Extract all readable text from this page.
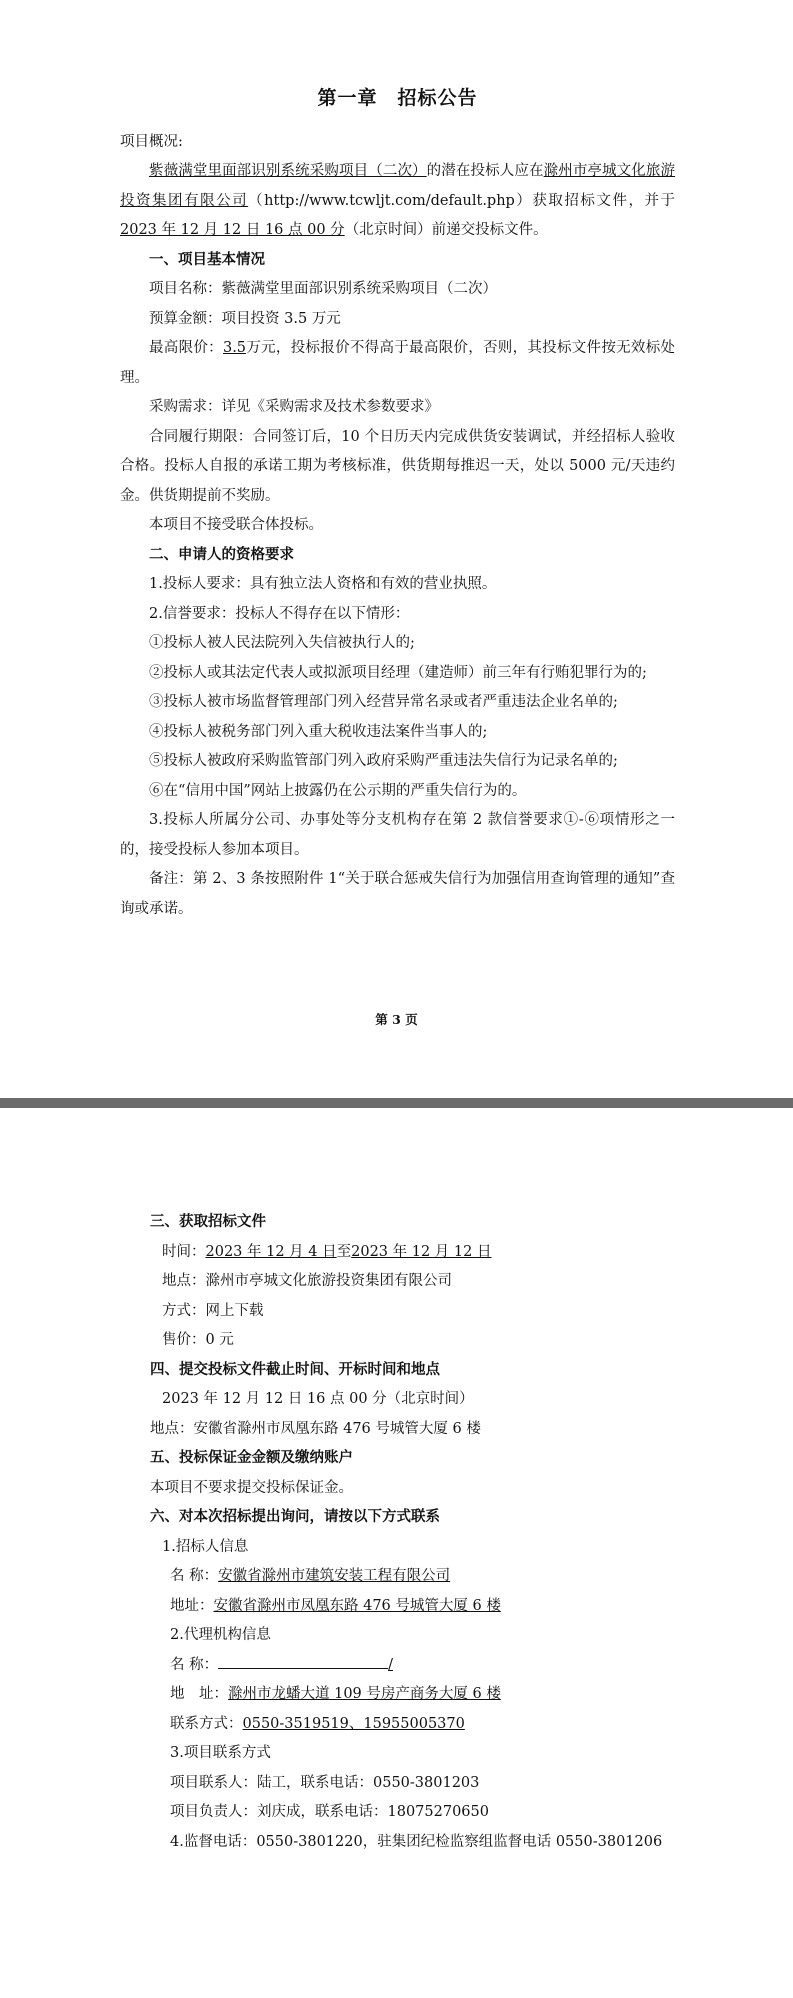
第一章　招标公告

项目概况:

紫薇满堂里面部识别系统采购项目（二次）的潜在投标人应在滁州市亭城文化旅游投资集团有限公司（http://www.tcwljt.com/default.php）获取招标文件，并于2023 年 12 月 12 日 16 点 00 分（北京时间）前递交投标文件。

一、项目基本情况

项目名称：紫薇满堂里面部识别系统采购项目（二次）

预算金额：项目投资 3.5 万元

最高限价：3.5万元，投标报价不得高于最高限价，否则，其投标文件按无效标处理。

采购需求：详见《采购需求及技术参数要求》

合同履行期限：合同签订后，10 个日历天内完成供货安装调试，并经招标人验收合格。投标人自报的承诺工期为考核标准，供货期每推迟一天，处以 5000 元/天违约金。供货期提前不奖励。

本项目不接受联合体投标。

二、申请人的资格要求

1.投标人要求：具有独立法人资格和有效的营业执照。

2.信誉要求：投标人不得存在以下情形：

①投标人被人民法院列入失信被执行人的;

②投标人或其法定代表人或拟派项目经理（建造师）前三年有行贿犯罪行为的;

③投标人被市场监督管理部门列入经营异常名录或者严重违法企业名单的;

④投标人被税务部门列入重大税收违法案件当事人的;

⑤投标人被政府采购监管部门列入政府采购严重违法失信行为记录名单的;

⑥在“信用中国”网站上披露仍在公示期的严重失信行为的。

3.投标人所属分公司、办事处等分支机构存在第 2 款信誉要求①-⑥项情形之一的，接受投标人参加本项目。

备注：第 2、3 条按照附件 1“关于联合惩戒失信行为加强信用查询管理的通知”查询或承诺。

第 3 页

三、获取招标文件

时间：2023 年 12 月 4 日至2023 年 12 月 12 日

地点：滁州市亭城文化旅游投资集团有限公司

方式：网上下载

售价：0 元

四、提交投标文件截止时间、开标时间和地点

2023 年 12 月 12 日 16 点 00 分（北京时间）

地点：安徽省滁州市凤凰东路 476 号城管大厦 6 楼

五、投标保证金金额及缴纳账户

本项目不要求提交投标保证金。

六、对本次招标提出询问，请按以下方式联系

1.招标人信息

名 称：安徽省滁州市建筑安装工程有限公司

地址：安徽省滁州市凤凰东路 476 号城管大厦 6 楼

2.代理机构信息

名 称：	/

地　址：滁州市龙蟠大道 109 号房产商务大厦 6 楼

联系方式：0550-3519519、15955005370

3.项目联系方式

项目联系人：陆工，联系电话：0550-3801203

项目负责人：刘庆成，联系电话：18075270650

4.监督电话：0550-3801220，驻集团纪检监察组监督电话 0550-3801206
